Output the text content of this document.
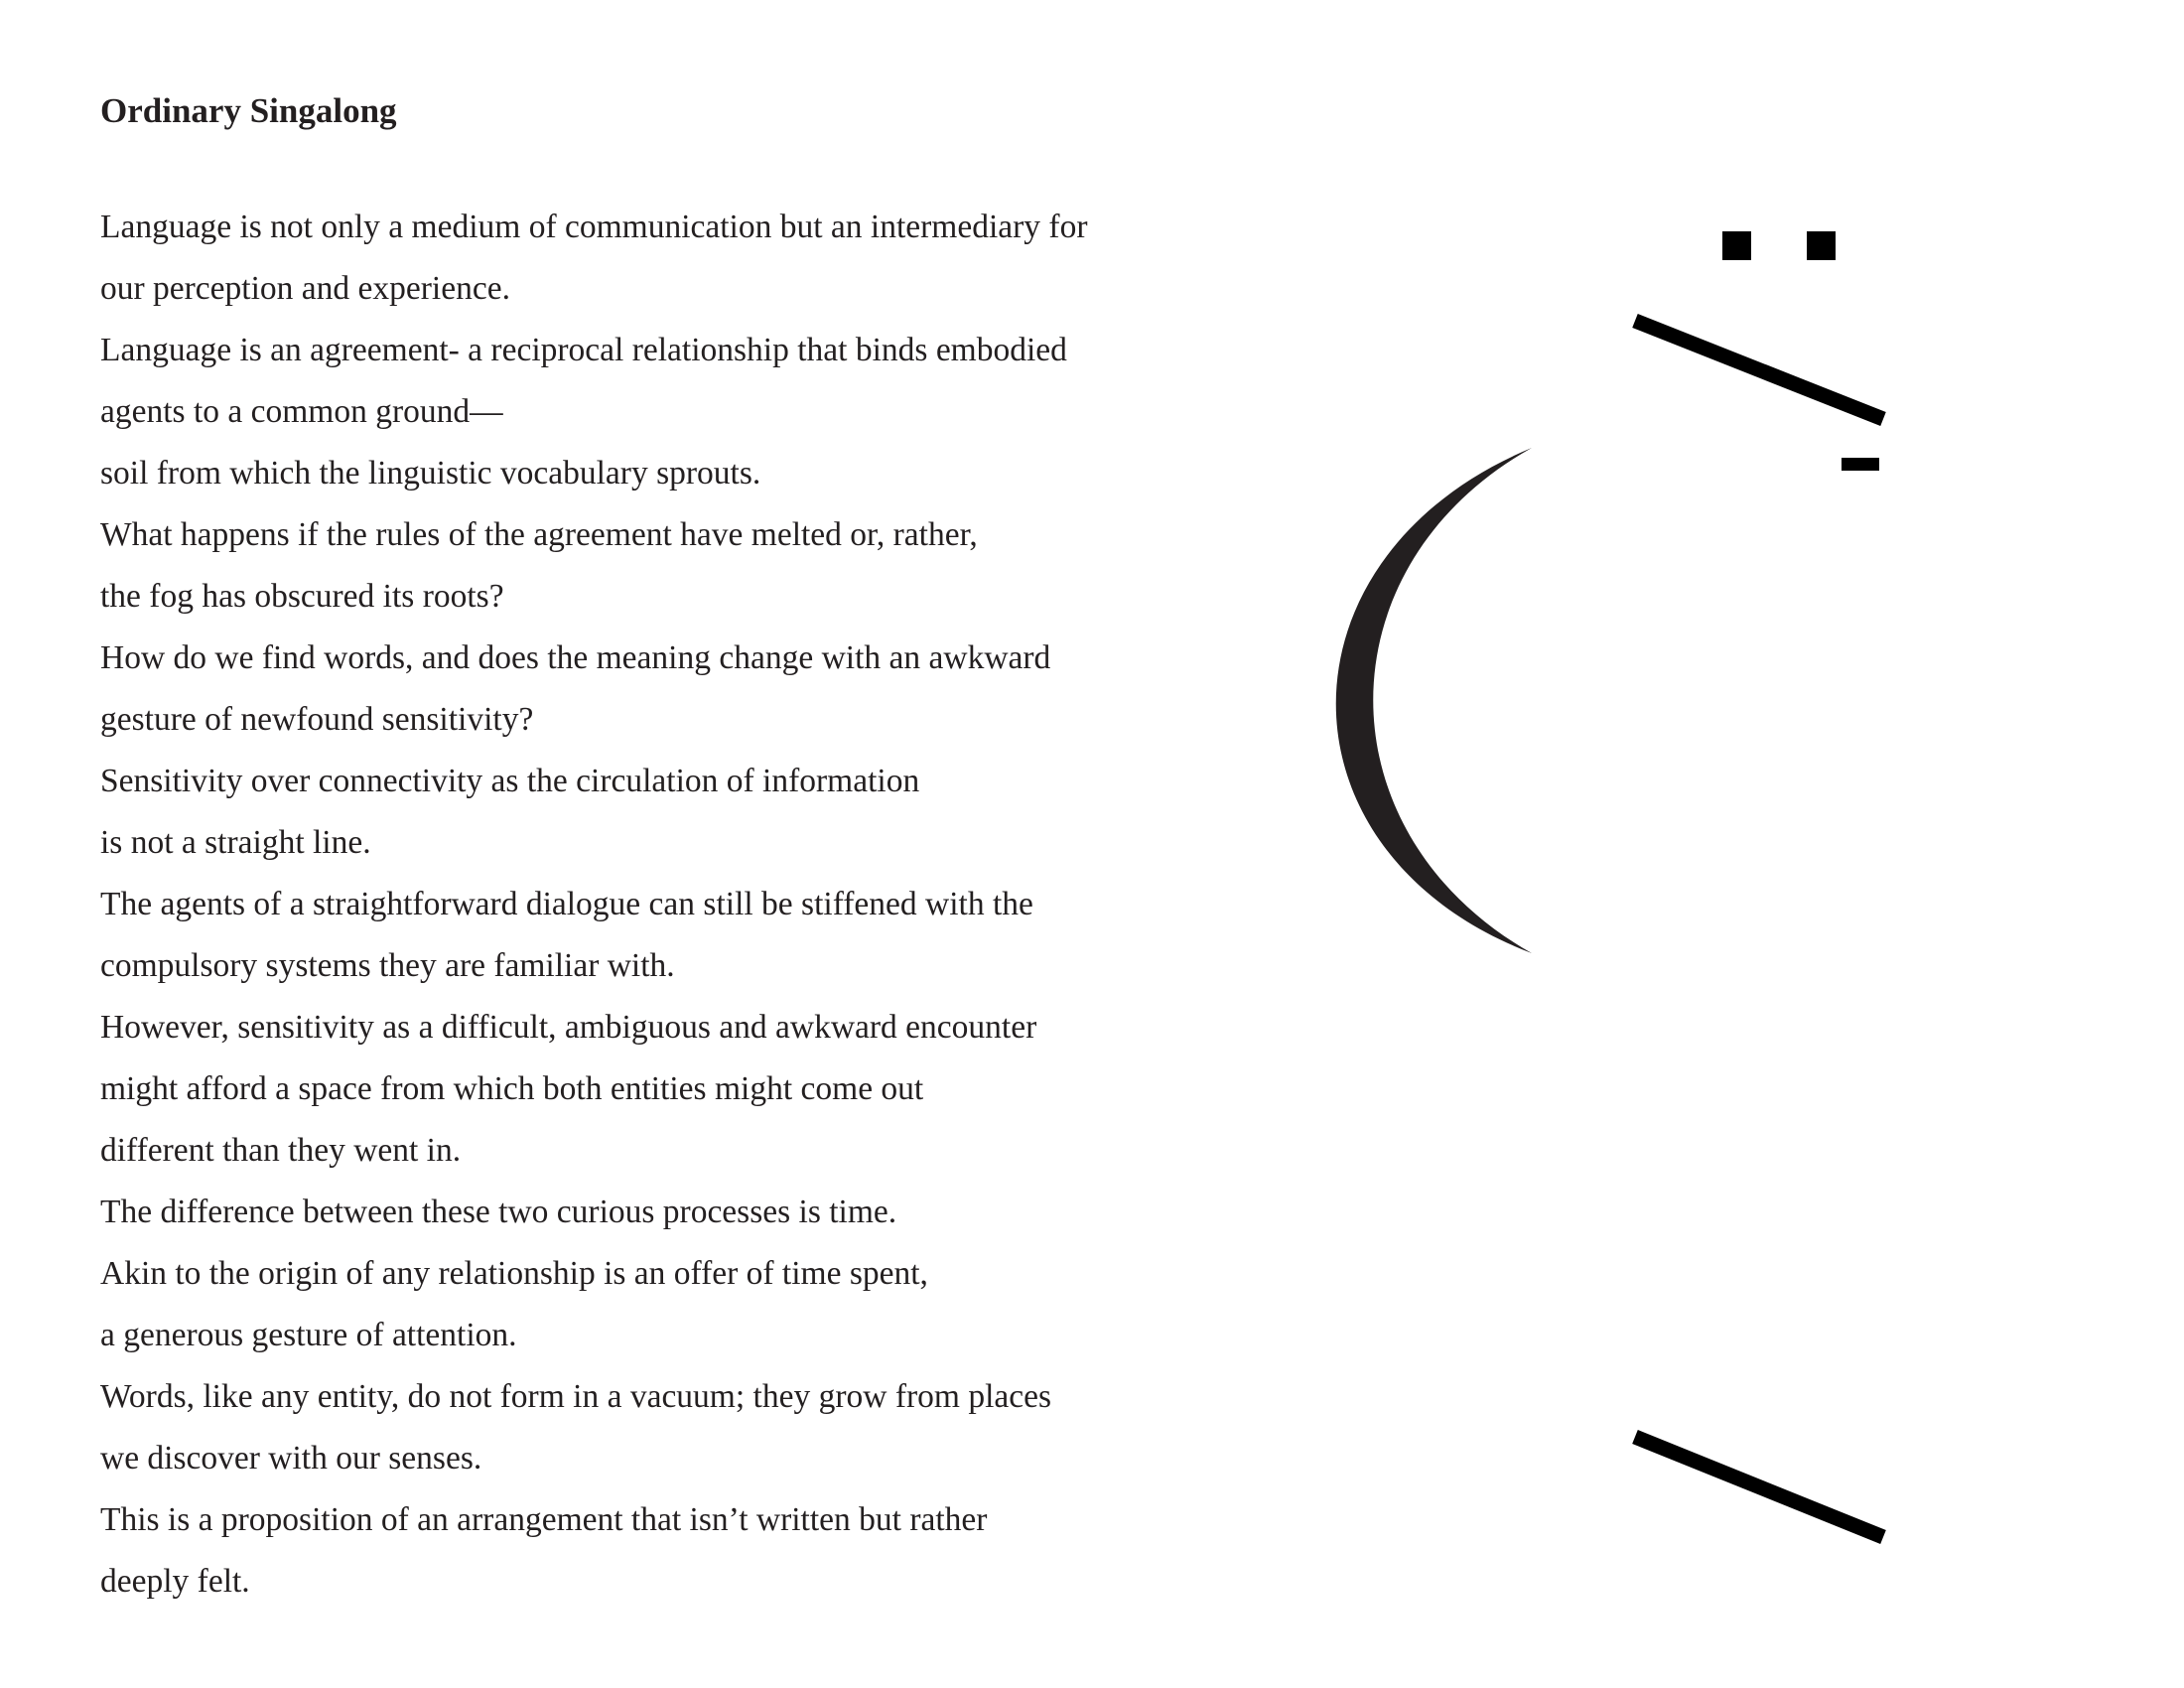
Ordinary Singalong
Language is not only a medium of communication but an intermediary for
our perception and experience.
Language is an agreement- a reciprocal relationship that binds embodied
agents to a common ground—
soil from which the linguistic vocabulary sprouts.
What happens if the rules of the agreement have melted or, rather,
the fog has obscured its roots?
How do we find words, and does the meaning change with an awkward
gesture of newfound sensitivity?
Sensitivity over connectivity as the circulation of information
is not a straight line.
The agents of a straightforward dialogue can still be stiffened with the
compulsory systems they are familiar with.
However, sensitivity as a difficult, ambiguous and awkward encounter
might afford a space from which both entities might come out
different than they went in.
The difference between these two curious processes is time.
Akin to the origin of any relationship is an offer of time spent,
a generous gesture of attention.
Words, like any entity, do not form in a vacuum; they grow from places
we discover with our senses.
This is a proposition of an arrangement that isn’t written but rather
deeply felt.
